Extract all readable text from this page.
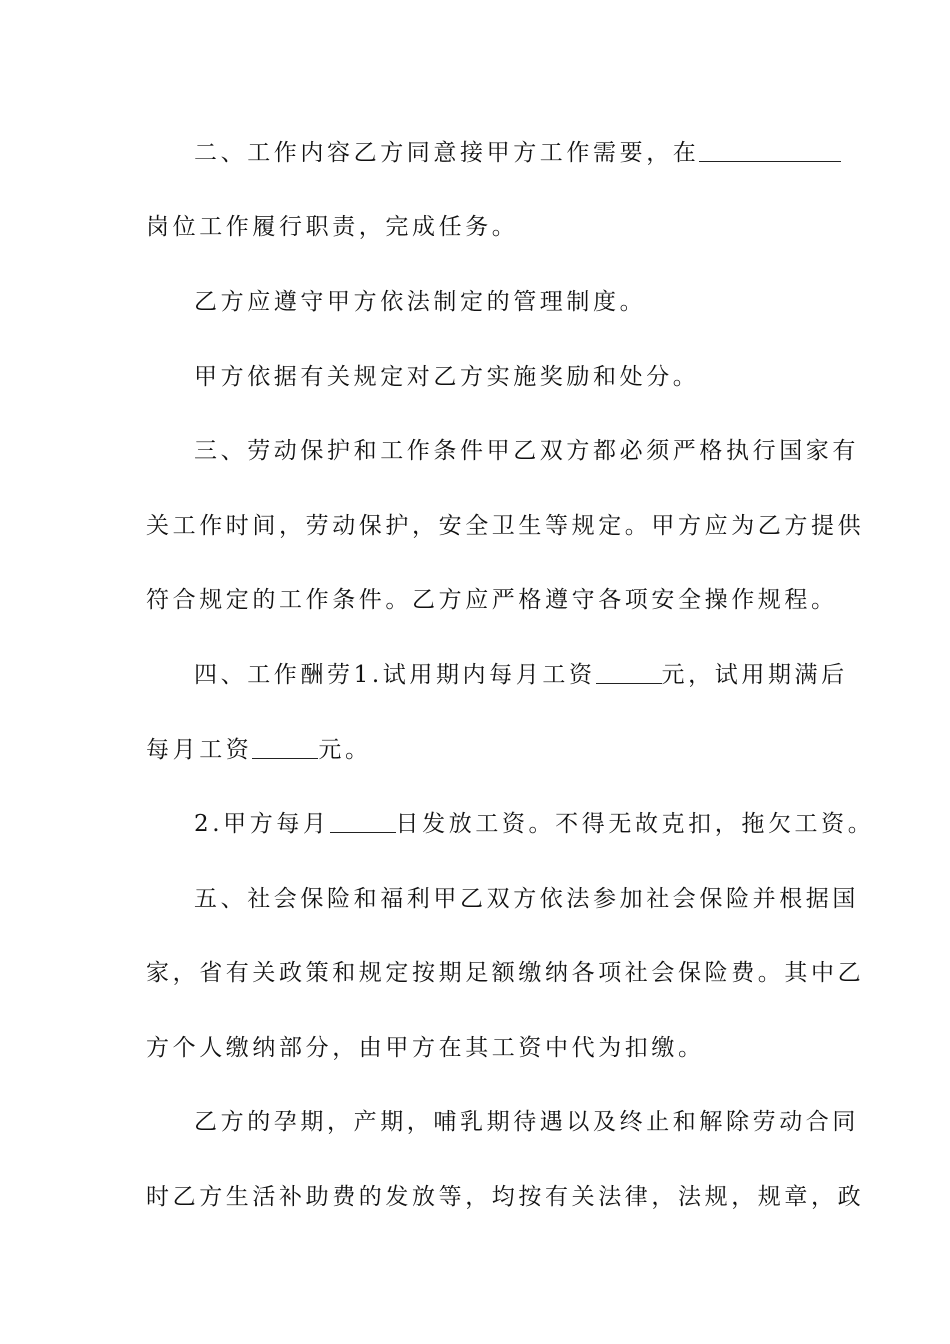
二、工作内容乙方同意接甲方工作需要，在
岗位工作履行职责，完成任务。
乙方应遵守甲方依法制定的管理制度。
甲方依据有关规定对乙方实施奖励和处分。
三、劳动保护和工作条件甲乙双方都必须严格执行国家有
关工作时间，劳动保护，安全卫生等规定。甲方应为乙方提供
符合规定的工作条件。乙方应严格遵守各项安全操作规程。
四、工作酬劳1.试用期内每月工资	元，试用期满后
每月工资	元。
2.甲方每月	日发放工资。不得无故克扣，拖欠工资。
五、社会保险和福利甲乙双方依法参加社会保险并根据国
家，省有关政策和规定按期足额缴纳各项社会保险费。其中乙
方个人缴纳部分，由甲方在其工资中代为扣缴。
乙方的孕期，产期，哺乳期待遇以及终止和解除劳动合同
时乙方生活补助费的发放等，均按有关法律，法规，规章，政
